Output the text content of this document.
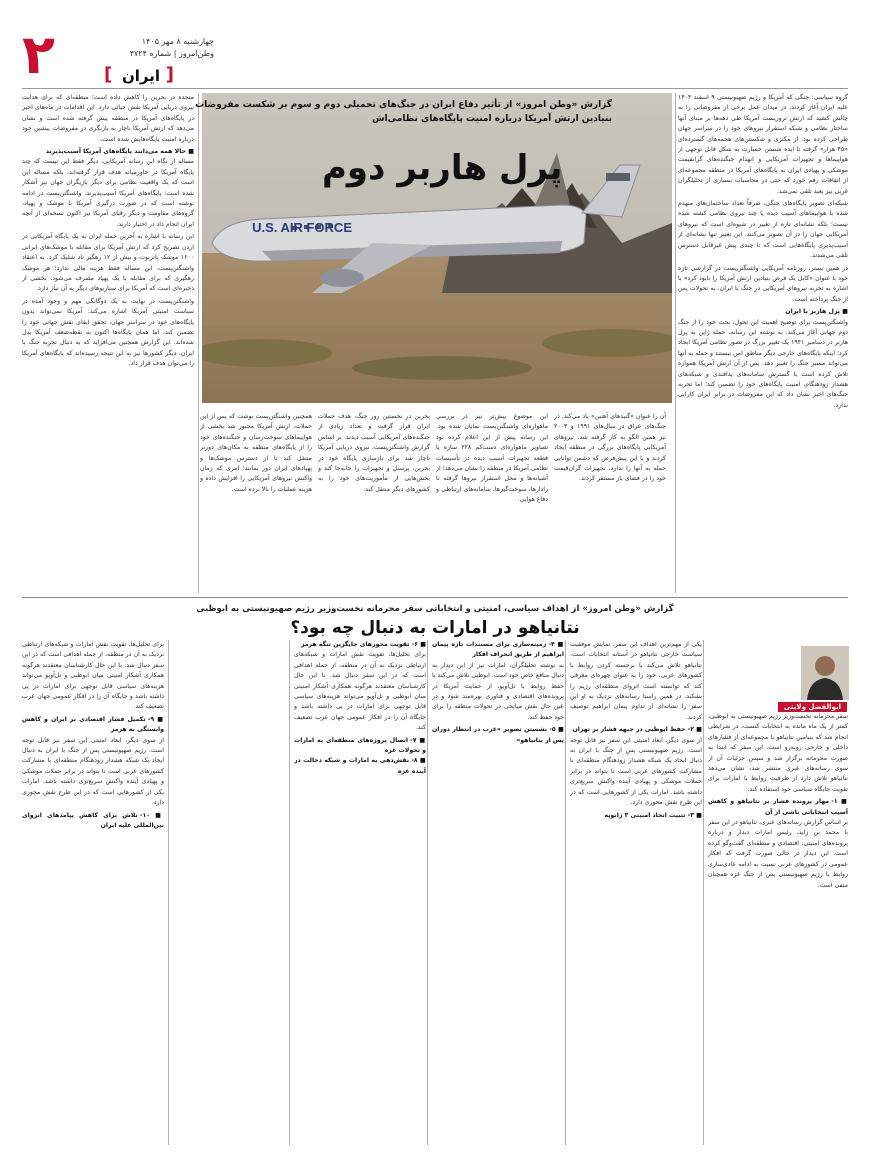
۲	چهارشنبه ۸ مهر ۱۴۰۵
وطن‌امروز | شماره ۴۷۲۴
[
ایران
]

گروه سیاسی: جنگی که آمریکا و رژیم صهیونیستی ۹ اسفند ۱۴۰۴ علیه ایران آغاز کردند، در میدان عمل برخی از مفروضاتی را به چالش کشید که ارتش تروریست آمریکا طی دهه‌ها بر مبنای آنها ساختار نظامی و شبکه استقرار نیروهای خود را در سراسر جهان طراحی کرده بود. از مکنزی و شکستن‌های هجمه‌های گسترده‌ای «۴۵ هزار» گرفته تا ایده شستن خسارت به شکل قابل توجهی از هواپیماها و تجهیزات آمریکایی و انهدام جنگنده‌های گرانقیمت موشکی و پهپادی ایران به پایگاه‌های آمریکا در منطقه مجموعه‌ای از اتفاقات رقم خورد که حتی در محاسبات بسیاری از تحلیلگران غربی نیز بعید تلقی نمی‌شد.

شبکه‌ای تصویر پایگاه‌های جنگی، صرفاً تعداد ساختمان‌های منهدم شده یا هواپیماهای آسیب دیده یا چند نیروی نظامی کشته شده نیست؛ بلکه نشانه‌ای تازه از تغییر در شیوه‌ای است که نیروهای آمریکایی جهان را در آن تصویر می‌کنند. این تغییر تنها نشانه‌ای از آسیب‌پذیری پایگاه‌هایی است که تا چندی پیش غیرقابل دسترس تلقی می‌شدند.

در همین بستر، روزنامه آمریکایی واشنگتن‌پست در گزارشی تازه خود با عنوان «کابل یک فرض بنیادین ارتش آمریکا را نابود کرد» با اشاره به تجربه نیروهای آمریکایی در جنگ با ایران، به تحولات پس از جنگ پرداخته است.

■ پرل هاربر با ایران

واشنگتن‌پست برای توضیح اهمیت این تحول، بحث خود را از جنگ دوم جهانی آغاز می‌کند. به نوشته این رسانه، حمله ژاپن به پرل هاربر در دسامبر ۱۹۴۱ یک تغییر بزرگ در تصور نظامی آمریکا ایجاد کرد؛ اینکه پایگاه‌های خارجی دیگر مناطق امن نیستند و حمله به آنها می‌تواند مسیر جنگ را تغییر دهد. پس از آن ارتش آمریکا همواره تلاش کرده است با گسترش سامانه‌های پدافندی و شبکه‌های هشدار زودهنگام، امنیت پایگاه‌های خود را تضمین کند؛ اما تجربه جنگ‌های اخیر نشان داد که این مفروضات در برابر ایران کارایی ندارد.

متحده در بحرین را کاهش داده است؛ منطقه‌ای که برای هدایت نیروی دریایی آمریکا نقش حیاتی دارد. این اقدامات در ماه‌های اخیر در پایگاه‌های آمریکا در منطقه پیش گرفته شده است و نشان می‌دهد که ارتش آمریکا ناچار به بازنگری در مفروضات پیشین خود درباره امنیت پایگاه‌هایش شده است.

■ حالا همه می‌دانند پایگاه‌های آمریکا آسیب‌پذیرند

مساله از نگاه این رسانه آمریکایی، دیگر فقط این نیست که چند پایگاه آمریکا در خاورمیانه هدف قرار گرفته‌اند، بلکه مساله این است که یک واقعیت نظامی برای دیگر بازیگران جهان نیز آشکار شده است: پایگاه‌های آمریکا آسیب‌پذیرند. واشنگتن‌پست در ادامه نوشته است که در صورت درگیری آمریکا با موشک و پهپاد، گروه‌های مقاومت و دیگر رقبای آمریکا نیز اکنون نسخه‌ای از آنچه ایران انجام داد در اختیار دارند.

این رسانه با اشاره به آخرین حمله ایران به یک پایگاه آمریکایی در اردن تصریح کرد که ارتش آمریکا برای مقابله با موشک‌های ایرانی ۱۶۰۰ موشک پاتریوت و بیش از ۱۲ رهگیر تاد شلیک کرد. به اعتقاد واشنگتن‌پست، این مساله فقط هزینه مالی ندارد؛ هر موشک رهگیری که برای مقابله با یک پهپاد مصرف می‌شود، بخشی از ذخیره‌ای است که آمریکا برای سناریوهای دیگر به آن نیاز دارد.

واشنگتن‌پست در نهایت به یک دوگانگی مهم و وجود آمده در سیاست امنیتی آمریکا اشاره می‌کند: آمریکا نمی‌تواند بدون پایگاه‌های خود در سراسر جهان، تحقق ایفای نقش جهانی خود را تضمین کند، اما همان پایگاه‌ها اکنون به نقطه‌ضعف آمریکا بدل شده‌اند. این گزارش همچنین می‌افزاید که به دنبال تجربه جنگ با ایران، دیگر کشورها نیز به این نتیجه رسیده‌اند که پایگاه‌های آمریکا را می‌توان هدف قرار داد.

U.S. AIR FORCE
گزارش «وطن امروز» از تأثیر دفاع ایران در جنگ‌های تحمیلی دوم و سوم بر شکست مفروضات بنیادین ارتش آمریکا درباره امنیت پایگاه‌های نظامی‌اش
پرل هاربر دوم

آن را عنوان «گنبدهای آهنین» یاد می‌کند. در جنگ‌های عراق در سال‌های ۱۹۹۱ و ۲۰۰۳ نیز همین الگو به کار گرفته شد. نیروهای آمریکایی پایگاه‌های بزرگی در منطقه ایجاد کردند و با این پیش‌فرض که دشمن توانایی حمله به آنها را ندارد، تجهیزات گران‌قیمت خود را در فضای باز مستقر کردند.

این موضوع پیش‌تر نیز در بررسی ماهواره‌ای واشنگتن‌پست نمایان شده بود. این رسانه پیش از این اعلام کرده بود تصاویر ماهواره‌ای دست‌کم ۲۲۸ سازه یا قطعه تجهیزات آسیب دیده در تأسیسات نظامی آمریکا در منطقه را نشان می‌دهد؛ از آشیانه‌ها و محل استقرار نیروها گرفته تا رادارها، سوخت‌گیرها، سامانه‌های ارتباطی و دفاع هوایی.

بحرین در نخستین روز جنگ، هدف حملات ایران قرار گرفت و تعداد زیادی از جنگنده‌های آمریکایی آسیب دیدند. بر اساس گزارش واشنگتن‌پست، نیروی دریایی آمریکا ناچار شد برای بازسازی پایگاه خود در بحرین، پرسنل و تجهیزات را جابه‌جا کند و بخش‌هایی از مأموریت‌های خود را به کشورهای دیگر منتقل کند.

همچنین واشنگتن‌پست نوشت که پس از این حملات، ارتش آمریکا مجبور شد بخشی از هواپیماهای سوخت‌رسان و جنگنده‌های خود را از پایگاه‌های منطقه به مکان‌های دورتر منتقل کند تا از دسترس موشک‌ها و پهپادهای ایران دور بمانند؛ امری که زمان واکنش نیروهای آمریکایی را افزایش داده و هزینه عملیات را بالا برده است.

گزارش «وطن امروز» از اهداف سیاسی، امنیتی و انتخاباتی سفر محرمانه نخست‌وزیر رژیم صهیونیستی به ابوظبی
نتانیاهو در امارات به دنبال چه بود؟
ابوالفضل ولایتی

سفر محرمانه نخست‌وزیر رژیم صهیونیستی به ابوظبی، کمتر از یک ماه مانده به انتخابات کنست، در شرایطی انجام شد که بنیامین نتانیاهو با مجموعه‌ای از فشارهای داخلی و خارجی روبه‌رو است. این سفر که ابتدا به صورت محرمانه برگزار شد و سپس جزئیات آن از سوی رسانه‌های عبری منتشر شد، نشان می‌دهد نتانیاهو تلاش دارد از ظرفیت روابط با امارات برای تقویت جایگاه سیاسی خود استفاده کند.

■ ۱- مهار پرونده فشار بر نتانیاهو و کاهش آسیب انتخاباتی ناشی از آن

بر اساس گزارش رسانه‌های عبری، نتانیاهو در این سفر با محمد بن زاید، رئیس امارات دیدار و درباره پرونده‌های امنیتی، اقتصادی و منطقه‌ای گفت‌وگو کرده است. این دیدار در حالی صورت گرفت که افکار عمومی در کشورهای عربی نسبت به ادامه عادی‌سازی روابط با رژیم صهیونیستی پس از جنگ غزه همچنان منفی است.

یکی از مهم‌ترین اهداف این سفر، نمایش موفقیت سیاست خارجی نتانیاهو در آستانه انتخابات است. نتانیاهو تلاش می‌کند با برجسته کردن روابط با کشورهای عربی، خود را به عنوان چهره‌ای معرفی کند که توانسته است انزوای منطقه‌ای رژیم را بشکند. در همین راستا رسانه‌های نزدیک به او این سفر را نشانه‌ای از تداوم پیمان ابراهیم توصیف کردند.

■ ۲- حفظ ابوظبی در جبهه فشار بر تهران

از سوی دیگر، ابعاد امنیتی این سفر نیز قابل توجه است. رژیم صهیونیستی پس از جنگ با ایران به دنبال ایجاد یک شبکه هشدار زودهنگام منطقه‌ای با مشارکت کشورهای عربی است تا بتواند در برابر حملات موشکی و پهپادی آینده واکنش سریع‌تری داشته باشد. امارات یکی از کشورهایی است که در این طرح نقش محوری دارد.

■ ۳- تثبیت اتحاد امنیتی ۳ ژانویه
■ ۴- زمینه‌سازی برای مستندات تازه پیمان ابراهیم از طریق انحراف افکار

به نوشته تحلیلگران، امارات نیز از این دیدار به دنبال منافع خاص خود است. ابوظبی تلاش می‌کند با حفظ روابط با تل‌آویو، از حمایت آمریکا در پرونده‌های اقتصادی و فناوری بهره‌مند شود و در عین حال نقش میانجی در تحولات منطقه را برای خود حفظ کند.

■ ۵- نشستن تصویر «غرب در انتظار دوران پس از نتانیاهو»
■ ۶- تقویت محورهای جایگزین تنگه هرمز

برای تحلیل‌ها، تقویت نقش امارات و شبکه‌های ارتباطی نزدیک به آن در منطقه، از جمله اهدافی است که در این سفر دنبال شد. با این حال کارشناسان معتقدند هرگونه همکاری آشکار امنیتی میان ابوظبی و تل‌آویو می‌تواند هزینه‌های سیاسی قابل توجهی برای امارات در پی داشته باشد و جایگاه آن را در افکار عمومی جهان عرب تضعیف کند.

■ ۷- اتصال پروژه‌های منطقه‌ای به امارات و تحولات غزه
■ ۸- نقش‌دهی به امارات و شبکه دخالت در آینده غزه

برای تحلیل‌ها، تقویت نقش امارات و شبکه‌های ارتباطی نزدیک به آن در منطقه، از جمله اهدافی است که در این سفر دنبال شد. با این حال کارشناسان معتقدند هرگونه همکاری آشکار امنیتی میان ابوظبی و تل‌آویو می‌تواند هزینه‌های سیاسی قابل توجهی برای امارات در پی داشته باشد و جایگاه آن را در افکار عمومی جهان عرب تضعیف کند.

■ ۹- تکمیل فشار اقتصادی بر ایران و کاهش وابستگی به هرمز

از سوی دیگر، ابعاد امنیتی این سفر نیز قابل توجه است. رژیم صهیونیستی پس از جنگ با ایران به دنبال ایجاد یک شبکه هشدار زودهنگام منطقه‌ای با مشارکت کشورهای عربی است تا بتواند در برابر حملات موشکی و پهپادی آینده واکنش سریع‌تری داشته باشد. امارات یکی از کشورهایی است که در این طرح نقش محوری دارد.

■ ۱۰- تلاش برای کاهش پیامدهای انزوای بین‌المللی علیه ایران
